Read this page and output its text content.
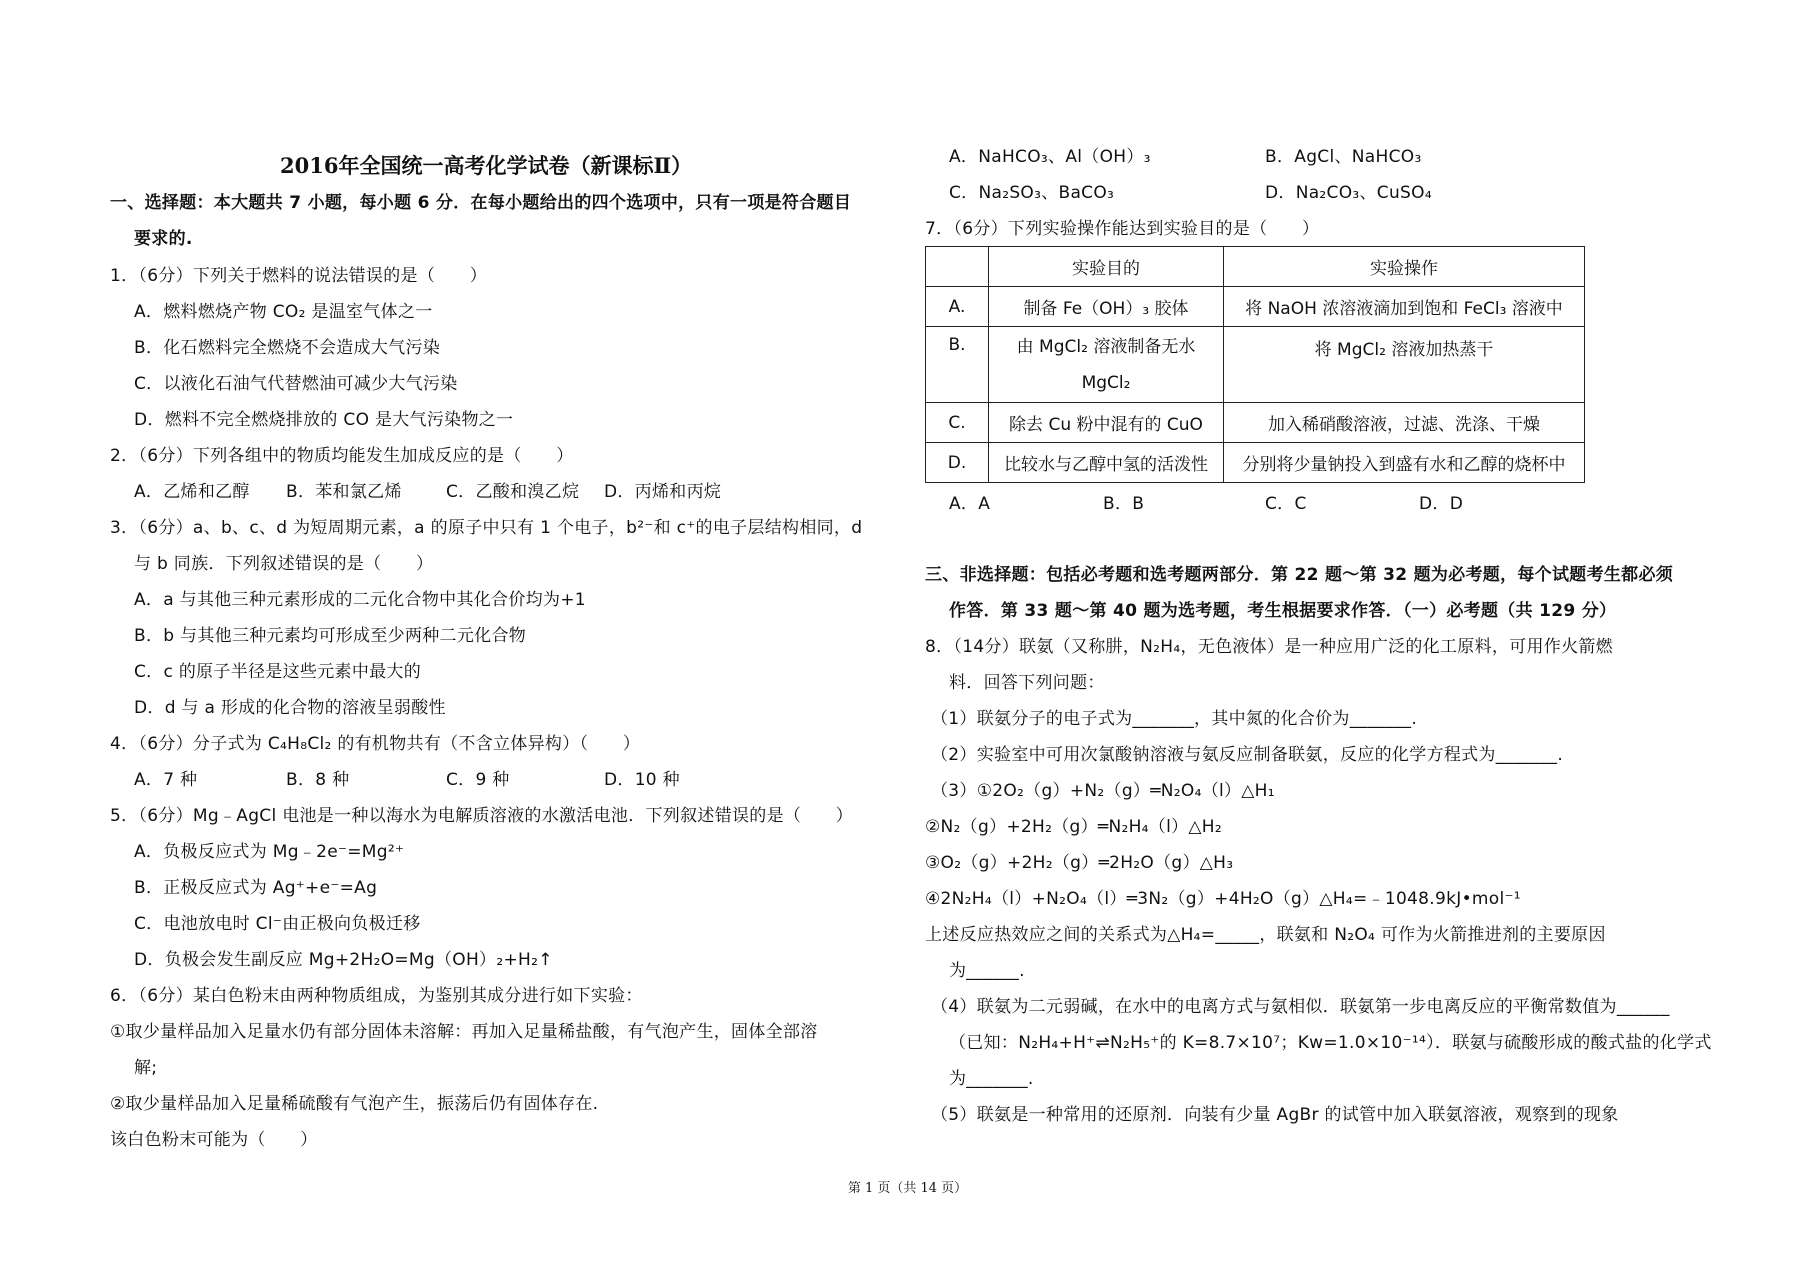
2016年全国统一高考化学试卷（新课标Ⅱ）
一、选择题：本大题共 7 小题，每小题 6 分．在每小题给出的四个选项中，只有一项是符合题目
要求的.
1．（6分）下列关于燃料的说法错误的是（　　）
A．燃料燃烧产物 CO₂ 是温室气体之一
B．化石燃料完全燃烧不会造成大气污染
C．以液化石油气代替燃油可减少大气污染
D．燃料不完全燃烧排放的 CO 是大气污染物之一
2．（6分）下列各组中的物质均能发生加成反应的是（　　）
A．乙烯和乙醇 B．苯和氯乙烯	C．乙酸和溴乙烷 D．丙烯和丙烷
3．（6分）a、b、c、d 为短周期元素，a 的原子中只有 1 个电子，b²⁻和 c⁺的电子层结构相同，d
与 b 同族．下列叙述错误的是（　　）
A．a 与其他三种元素形成的二元化合物中其化合价均为+1
B．b 与其他三种元素均可形成至少两种二元化合物
C．c 的原子半径是这些元素中最大的
D．d 与 a 形成的化合物的溶液呈弱酸性
4．（6分）分子式为 C₄H₈Cl₂ 的有机物共有（不含立体异构）（　　）
A．7 种	B．8 种	C．9 种	D．10 种
5．（6分）Mg﹣AgCl 电池是一种以海水为电解质溶液的水激活电池．下列叙述错误的是（　　）
A．负极反应式为 Mg﹣2e⁻=Mg²⁺
B．正极反应式为 Ag⁺+e⁻=Ag
C．电池放电时 Cl⁻由正极向负极迁移
D．负极会发生副反应 Mg+2H₂O=Mg（OH）₂+H₂↑
6．（6分）某白色粉末由两种物质组成，为鉴别其成分进行如下实验：
①取少量样品加入足量水仍有部分固体未溶解：再加入足量稀盐酸，有气泡产生，固体全部溶
解;
②取少量样品加入足量稀硫酸有气泡产生，振荡后仍有固体存在.
该白色粉末可能为（　　）
A．NaHCO₃、Al（OH）₃	B．AgCl、NaHCO₃
C．Na₂SO₃、BaCO₃	D．Na₂CO₃、CuSO₄
7．（6分）下列实验操作能达到实验目的是（　　）
	实验目的	实验操作
A.	制备 Fe（OH）₃ 胶体	将 NaOH 浓溶液滴加到饱和 FeCl₃ 溶液中
B.	由 MgCl₂ 溶液制备无水
MgCl₂	将 MgCl₂ 溶液加热蒸干
C.	除去 Cu 粉中混有的 CuO	加入稀硝酸溶液，过滤、洗涤、干燥
D.	比较水与乙醇中氢的活泼性	分别将少量钠投入到盛有水和乙醇的烧杯中
A．A	B．B	C．C	D．D
三、非选择题：包括必考题和选考题两部分．第 22 题～第 32 题为必考题，每个试题考生都必须
作答．第 33 题～第 40 题为选考题，考生根据要求作答．（一）必考题（共 129 分）
8．（14分）联氨（又称肼，N₂H₄，无色液体）是一种应用广泛的化工原料，可用作火箭燃
料．回答下列问题：
（1）联氨分子的电子式为_______，其中氮的化合价为_______.
（2）实验室中可用次氯酸钠溶液与氨反应制备联氨，反应的化学方程式为_______.
（3）①2O₂（g）+N₂（g）═N₂O₄（l）△H₁
②N₂（g）+2H₂（g）═N₂H₄（l）△H₂
③O₂（g）+2H₂（g）═2H₂O（g）△H₃
④2N₂H₄（l）+N₂O₄（l）═3N₂（g）+4H₂O（g）△H₄=﹣1048.9kJ•mol⁻¹
上述反应热效应之间的关系式为△H₄=_____，联氨和 N₂O₄ 可作为火箭推进剂的主要原因
为______.
（4）联氨为二元弱碱，在水中的电离方式与氨相似．联氨第一步电离反应的平衡常数值为______
（已知：N₂H₄+H⁺⇌N₂H₅⁺的 K=8.7×10⁷；Kw=1.0×10⁻¹⁴）．联氨与硫酸形成的酸式盐的化学式
为_______.
（5）联氨是一种常用的还原剂．向装有少量 AgBr 的试管中加入联氨溶液，观察到的现象
第 1 页（共 14 页）
